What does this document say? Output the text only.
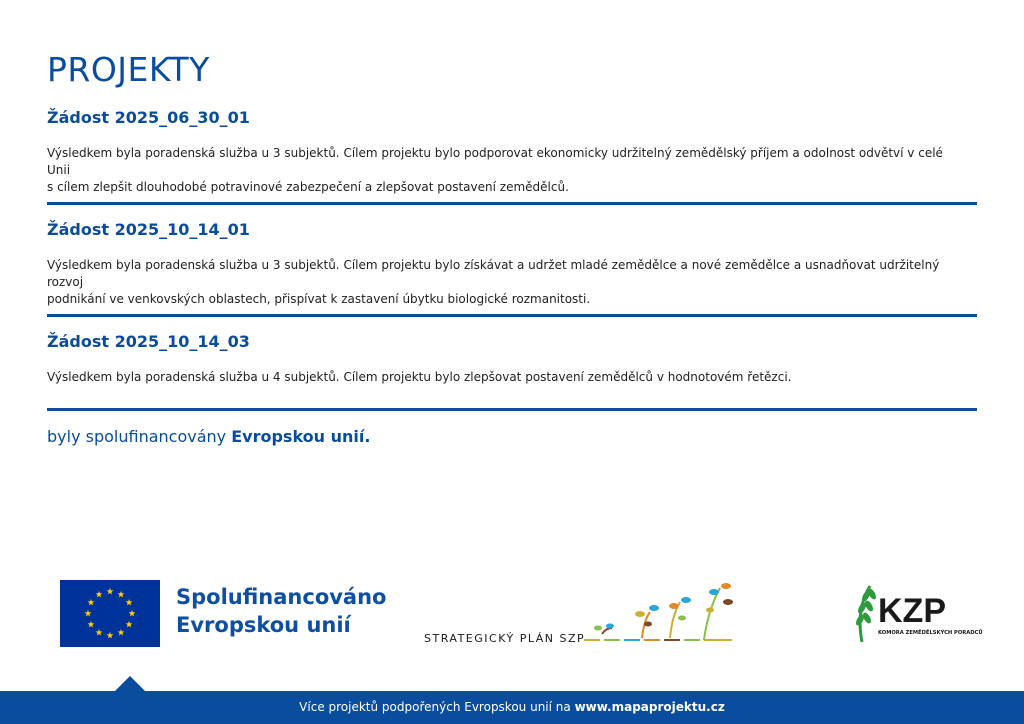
PROJEKTY
Žádost 2025_06_30_01
Výsledkem byla poradenská služba u 3 subjektů. Cílem projektu bylo podporovat ekonomicky udržitelný zemědělský příjem a odolnost odvětví v celé Unii
s cílem zlepšit dlouhodobé potravinové zabezpečení a zlepšovat postavení zemědělců.
Žádost 2025_10_14_01
Výsledkem byla poradenská služba u 3 subjektů. Cílem projektu bylo získávat a udržet mladé zemědělce a nové zemědělce a usnadňovat udržitelný rozvoj
podnikání ve venkovských oblastech, přispívat k zastavení úbytku biologické rozmanitosti.
Žádost 2025_10_14_03
Výsledkem byla poradenská služba u 4 subjektů. Cílem projektu bylo zlepšovat postavení zemědělců v hodnotovém řetězci.
byly spolufinancovány Evropskou unií.
Spolufinancováno
Evropskou unií
STRATEGICKÝ PLÁN SZP
KZP
KOMORA ZEMĚDĚLSKÝCH PORADCŮ
Více projektů podpořených Evropskou unií na www.mapaprojektu.cz
